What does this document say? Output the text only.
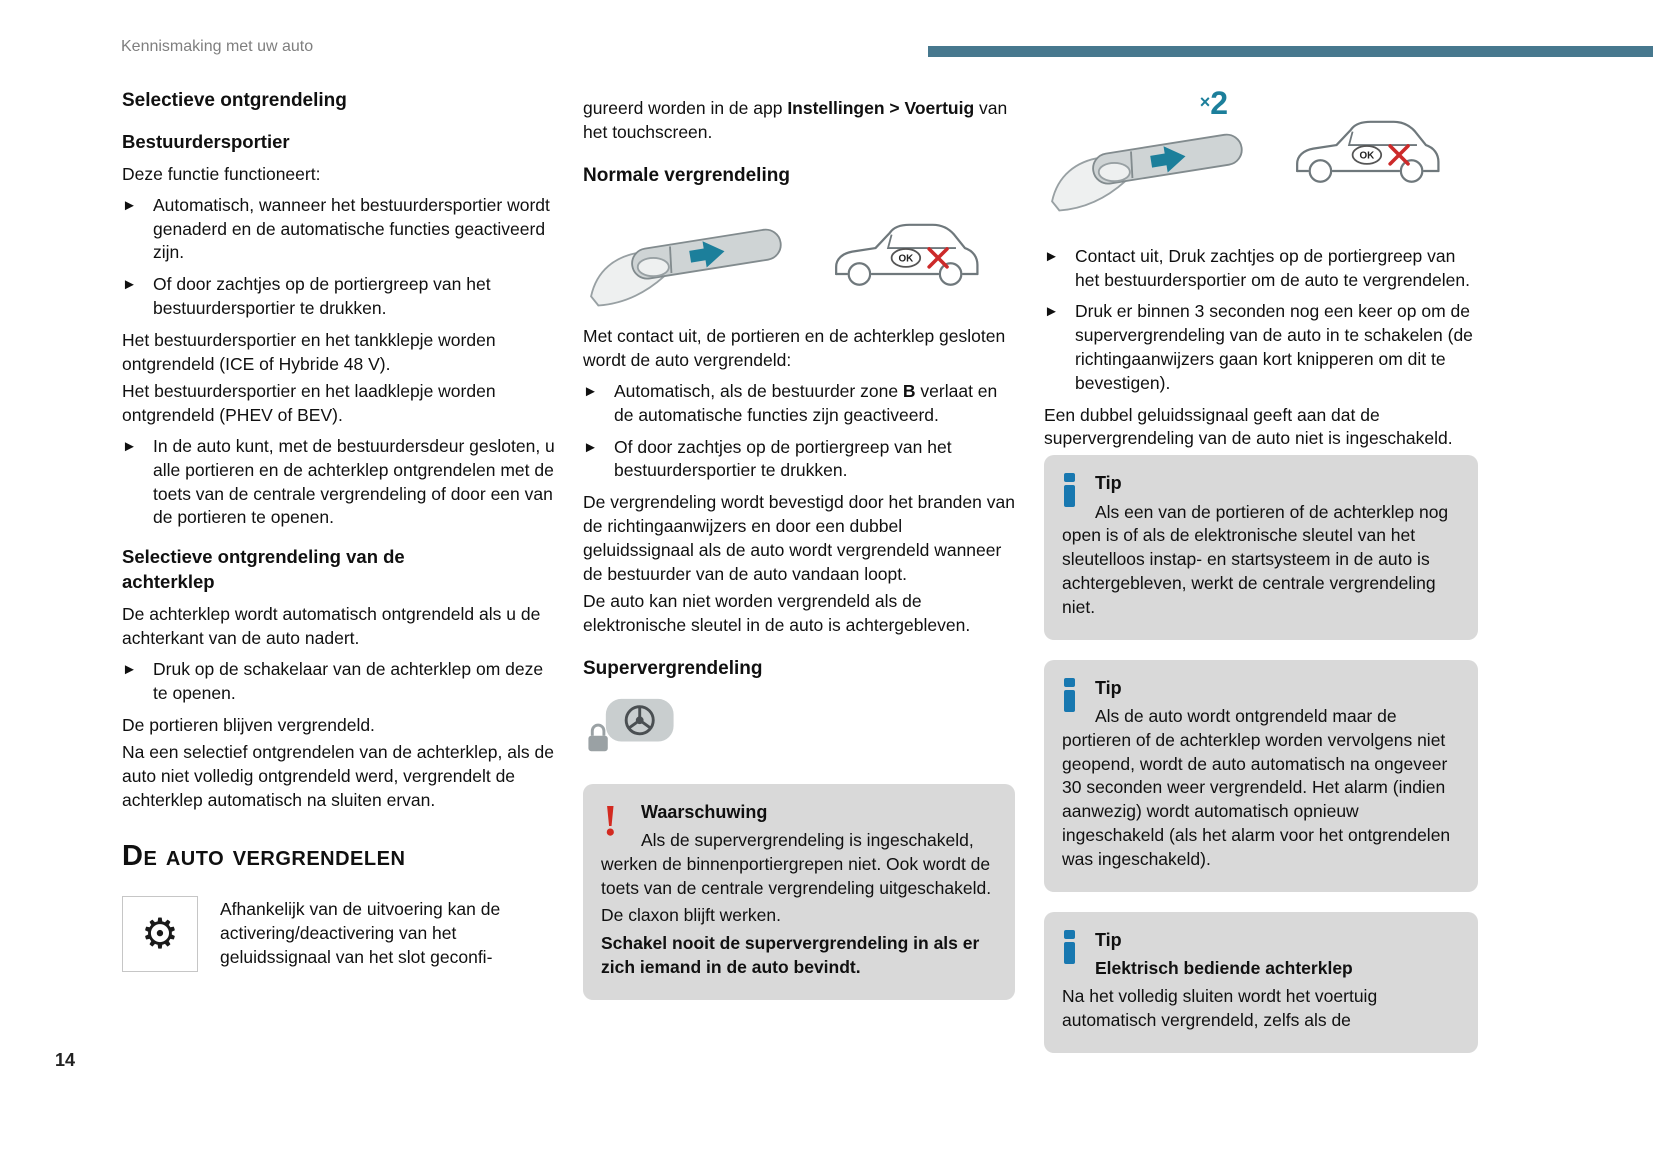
Kennismaking met uw auto
Selectieve ontgrendeling
Bestuurdersportier

Deze functie functioneert:

► Automatisch, wanneer het bestuurdersportier wordt genaderd en de automatische functies geactiveerd zijn.
► Of door zachtjes op de portiergreep van het bestuurdersportier te drukken.

Het bestuurdersportier en het tankklepje worden ontgrendeld (ICE of Hybride 48 V).

Het bestuurdersportier en het laadklepje worden ontgrendeld (PHEV of BEV).

► In de auto kunt, met de bestuurdersdeur gesloten, u alle portieren en de achterklep ontgrendelen met de toets van de centrale vergrendeling of door een van de portieren te openen.
Selectieve ontgrendeling van de achterklep

De achterklep wordt automatisch ontgrendeld als u de achterkant van de auto nadert.

► Druk op de schakelaar van de achterklep om deze te openen.

De portieren blijven vergrendeld.

Na een selectief ontgrendelen van de achterklep, als de auto niet volledig ontgrendeld werd, vergrendelt de achterklep automatisch na sluiten ervan.

De auto vergrendelen
⚙

Afhankelijk van de uitvoering kan de activering/deactivering van het geluidssignaal van het slot geconfi-

gureerd worden in de app Instellingen > Voertuig van het touchscreen.

Normale vergrendeling
OK

Met contact uit, de portieren en de achterklep gesloten wordt de auto vergrendeld:

► Automatisch, als de bestuurder zone B verlaat en de automatische functies zijn geactiveerd.
► Of door zachtjes op de portiergreep van het bestuurdersportier te drukken.

De vergrendeling wordt bevestigd door het branden van de richtingaanwijzers en door een dubbel geluidssignaal als de auto wordt vergrendeld wanneer de bestuurder van de auto vandaan loopt.

De auto kan niet worden vergrendeld als de elektronische sleutel in de auto is achtergebleven.

Supervergrendeling
!	Waarschuwing

Als de supervergrendeling is ingeschakeld, werken de binnenportiergrepen niet. Ook wordt de toets van de centrale vergrendeling uitgeschakeld.

De claxon blijft werken.

Schakel nooit de supervergrendeling in als er zich iemand in de auto bevindt.

×2
OK
► Contact uit, Druk zachtjes op de portiergreep van het bestuurdersportier om de auto te vergrendelen.
► Druk er binnen 3 seconden nog een keer op om de supervergrendeling van de auto in te schakelen (de richtingaanwijzers gaan kort knipperen om dit te bevestigen).

Een dubbel geluidssignaal geeft aan dat de supervergrendeling van de auto niet is ingeschakeld.

Tip

Als een van de portieren of de achterklep nog open is of als de elektronische sleutel van het sleutelloos instap- en startsysteem in de auto is achtergebleven, werkt de centrale vergrendeling niet.

Tip

Als de auto wordt ontgrendeld maar de portieren of de achterklep worden vervolgens niet geopend, wordt de auto automatisch na ongeveer 30 seconden weer vergrendeld. Het alarm (indien aanwezig) wordt automatisch opnieuw ingeschakeld (als het alarm voor het ontgrendelen was ingeschakeld).

Tip

Elektrisch bediende achterklep

Na het volledig sluiten wordt het voertuig automatisch vergrendeld, zelfs als de

14
